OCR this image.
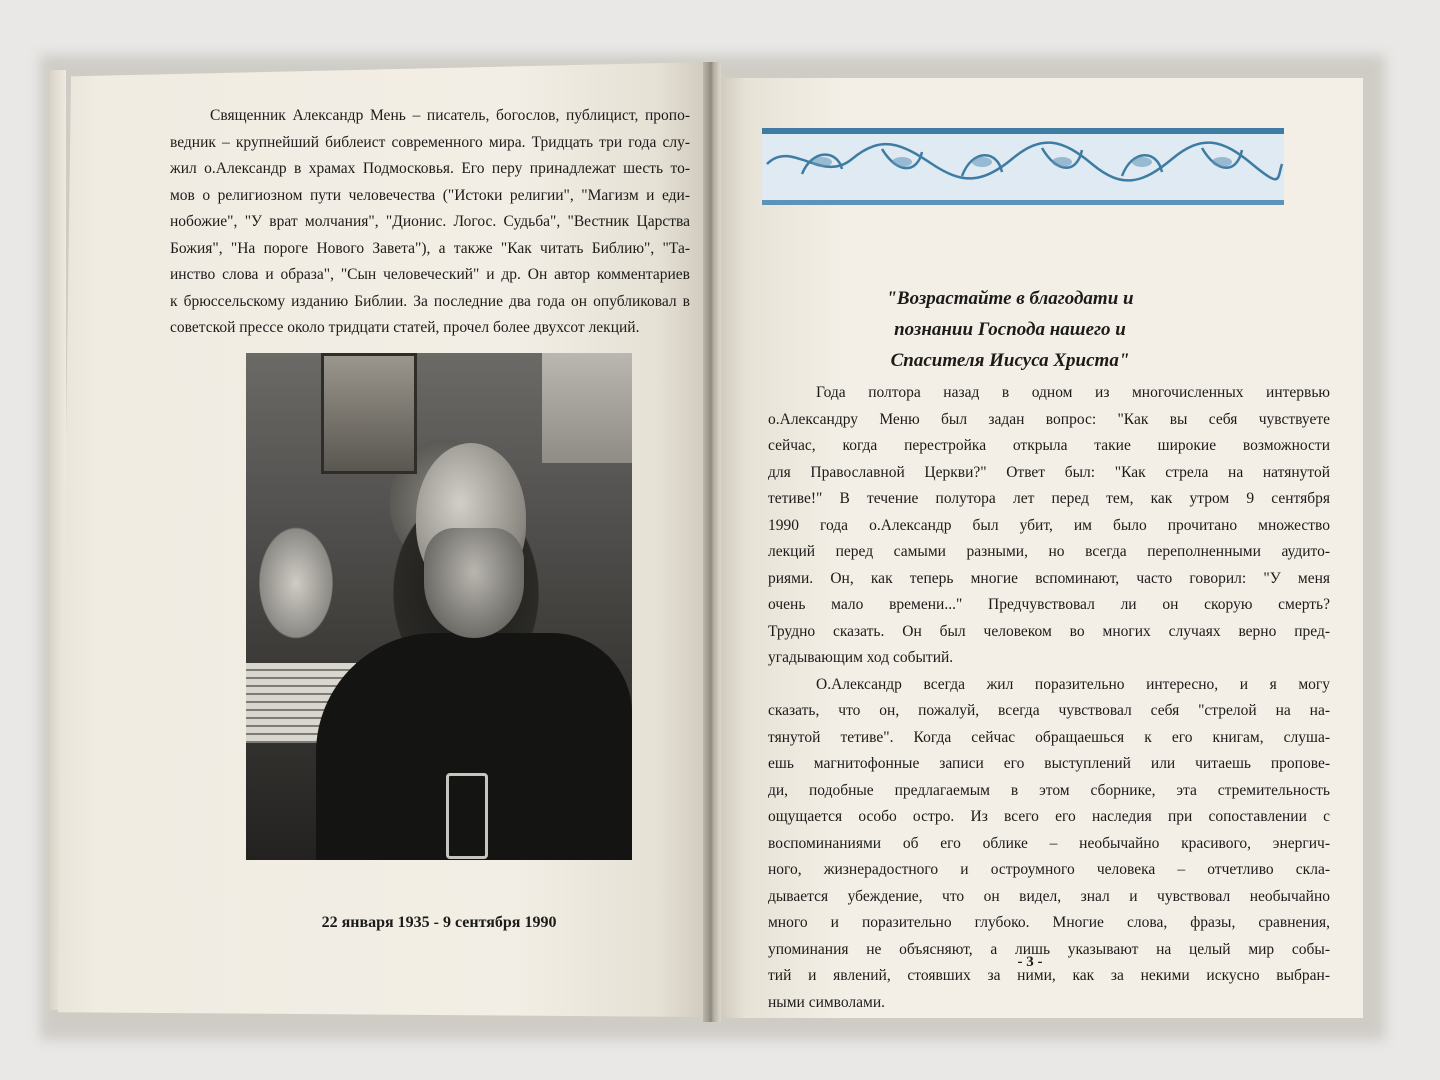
Священник Александр Мень – писатель, богослов, публицист, пропо-
ведник – крупнейший библеист современного мира. Тридцать три года слу-
жил о.Александр в храмах Подмосковья. Его перу принадлежат шесть то-
мов о религиозном пути человечества ("Истоки религии", "Магизм и еди-
нобожие", "У врат молчания", "Дионис. Логос. Судьба", "Вестник Царства
Божия", "На пороге Нового Завета"), а также "Как читать Библию", "Та-
инство слова и образа", "Сын человеческий" и др. Он автор комментариев
к брюссельскому изданию Библии. За последние два года он опубликовал в
советской прессе около тридцати статей, прочел более двухсот лекций.
22 января 1935 - 9 сентября 1990
"Возрастайте в благодати и
познании Господа нашего и
Спасителя Иисуса Христа"
Года полтора назад в одном из многочисленных интервью
о.Александру Меню был задан вопрос: "Как вы себя чувствуете
сейчас, когда перестройка открыла такие широкие возможности
для Православной Церкви?" Ответ был: "Как стрела на натянутой
тетиве!" В течение полутора лет перед тем, как утром 9 сентября
1990 года о.Александр был убит, им было прочитано множество
лекций перед самыми разными, но всегда переполненными аудито-
риями. Он, как теперь многие вспоминают, часто говорил: "У меня
очень мало времени..." Предчувствовал ли он скорую смерть?
Трудно сказать. Он был человеком во многих случаях верно пред-
угадывающим ход событий.
О.Александр всегда жил поразительно интересно, и я могу
сказать, что он, пожалуй, всегда чувствовал себя "стрелой на на-
тянутой тетиве". Когда сейчас обращаешься к его книгам, слуша-
ешь магнитофонные записи его выступлений или читаешь пропове-
ди, подобные предлагаемым в этом сборнике, эта стремительность
ощущается особо остро. Из всего его наследия при сопоставлении с
воспоминаниями об его облике – необычайно красивого, энергич-
ного, жизнерадостного и остроумного человека – отчетливо скла-
дывается убеждение, что он видел, знал и чувствовал необычайно
много и поразительно глубоко. Многие слова, фразы, сравнения,
упоминания не объясняют, а лишь указывают на целый мир собы-
тий и явлений, стоявших за ними, как за некими искусно выбран-
ными символами.
- 3 -
